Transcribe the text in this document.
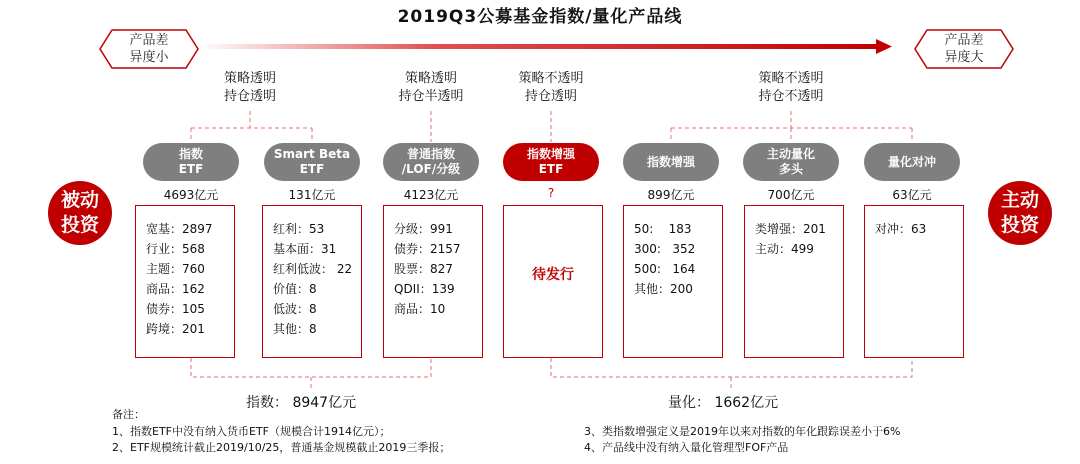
2019Q3公募基金指数/量化产品线
产品差
异度小
产品差
异度大
策略透明
持仓透明
策略透明
持仓半透明
策略不透明
持仓透明
策略不透明
持仓不透明
被动
投资
主动
投资
指数
ETF
4693亿元
宽基：2897
行业：568
主题：760
商品：162
债券：105
跨境：201
Smart Beta
ETF
131亿元
红利：53
基本面：31
红利低波： 22
价值：8
低波：8
其他：8
普通指数
/LOF/分级
4123亿元
分级：991
债券：2157
股票：827
QDII：139
商品：10
指数增强
ETF
?
待发行
指数增强
899亿元
50:    183
300:   352
500:   164
其他：200
主动量化
多头
700亿元
类增强：201
主动：499
量化对冲
63亿元
对冲：63
指数： 8947亿元	量化： 1662亿元
备注：
1、指数ETF中没有纳入货币ETF（规模合计1914亿元）；
2、ETF规模统计截止2019/10/25，普通基金规模截止2019三季报；
3、类指数增强定义是2019年以来对指数的年化跟踪误差小于6%
4、产品线中没有纳入量化管理型FOF产品
